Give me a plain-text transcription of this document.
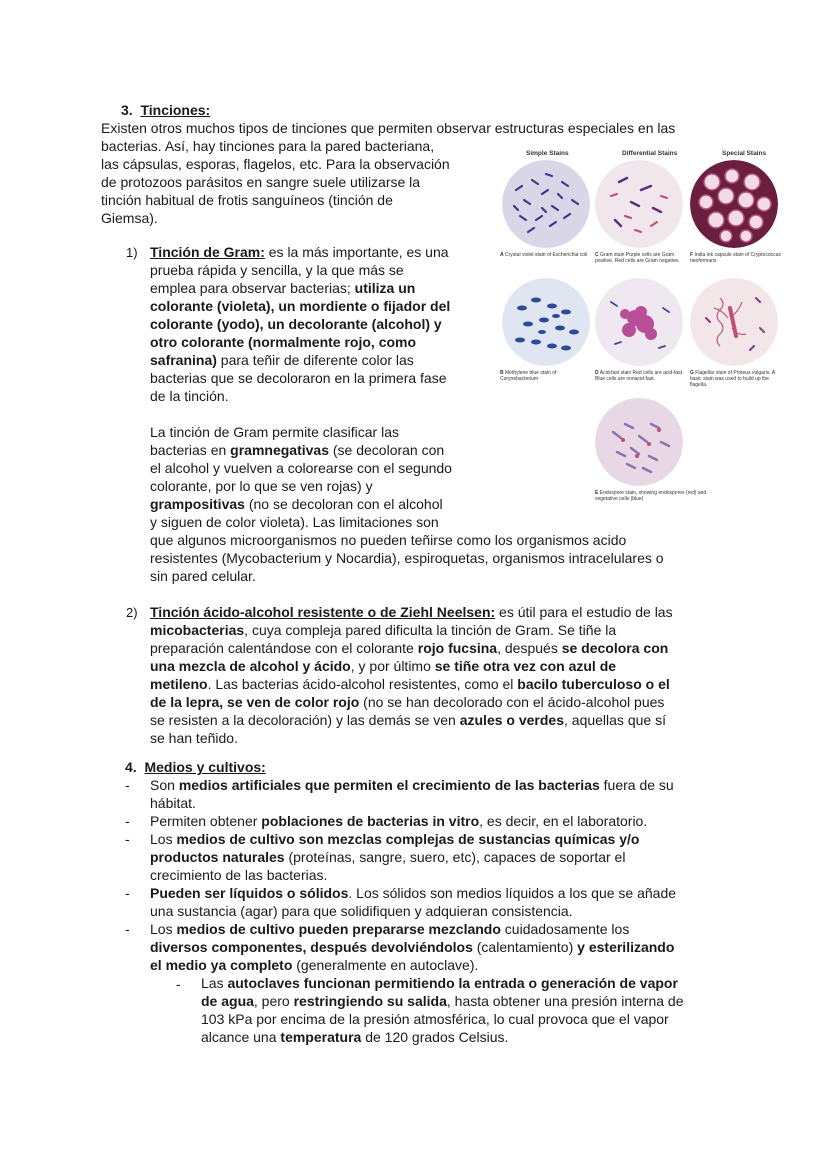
3. Tinciones:
Existen otros muchos tipos de tinciones que permiten observar estructuras especiales en las
bacterias. Así, hay tinciones para la pared bacteriana,
las cápsulas, esporas, flagelos, etc. Para la observación
de protozoos parásitos en sangre suele utilizarse la
tinción habitual de frotis sanguíneos (tinción de
Giemsa).
1) Tinción de Gram: es la más importante, es una
prueba rápida y sencilla, y la que más se
emplea para observar bacterias; utiliza un
colorante (violeta), un mordiente o fijador del
colorante (yodo), un decolorante (alcohol) y
otro colorante (normalmente rojo, como
safranina) para teñir de diferente color las
bacterias que se decoloraron en la primera fase
de la tinción.
La tinción de Gram permite clasificar las
bacterias en gramnegativas (se decoloran con
el alcohol y vuelven a colorearse con el segundo
colorante, por lo que se ven rojas) y
grampositivas (no se decoloran con el alcohol
y siguen de color violeta). Las limitaciones son
que algunos microorganismos no pueden teñirse como los organismos acido
resistentes (Mycobacterium y Nocardia), espiroquetas, organismos intracelulares o
sin pared celular.
2) Tinción ácido-alcohol resistente o de Ziehl Neelsen: es útil para el estudio de las
micobacterias, cuya compleja pared dificulta la tinción de Gram. Se tiñe la
preparación calentándose con el colorante rojo fucsina, después se decolora con
una mezcla de alcohol y ácido, y por último se tiñe otra vez con azul de
metileno. Las bacterias ácido-alcohol resistentes, como el bacilo tuberculoso o el
de la lepra, se ven de color rojo (no se han decolorado con el ácido-alcohol pues
se resisten a la decoloración) y las demás se ven azules o verdes, aquellas que sí
se han teñido.
4. Medios y cultivos:
- Son medios artificiales que permiten el crecimiento de las bacterias fuera de su
hábitat.
- Permiten obtener poblaciones de bacterias in vitro, es decir, en el laboratorio.
- Los medios de cultivo son mezclas complejas de sustancias químicas y/o
productos naturales (proteínas, sangre, suero, etc), capaces de soportar el
crecimiento de las bacterias.
- Pueden ser líquidos o sólidos. Los sólidos son medios líquidos a los que se añade
una sustancia (agar) para que solidifiquen y adquieran consistencia.
- Los medios de cultivo pueden prepararse mezclando cuidadosamente los
diversos componentes, después devolviéndolos (calentamiento) y esterilizando
el medio ya completo (generalmente en autoclave).
- Las autoclaves funcionan permitiendo la entrada o generación de vapor
de agua, pero restringiendo su salida, hasta obtener una presión interna de
103 kPa por encima de la presión atmosférica, lo cual provoca que el vapor
alcance una temperatura de 120 grados Celsius.
Simple Stains	Differential Stains	Special Stains
A Crystal violet stain of Escherichia coli	C Gram stain Purple cells are Gram positive. Red cells are Gram negative.
F India ink capsule stain of Cryptococcus neoformans
B Methylene blue stain of Corynebacterium
D Acid-fast stain Red cells are acid-fast. Blue cells are nonacid-fast.
G Flagellar stain of Proteus vulgaris. A basic stain was used to build up the flagella.
E Endospore stain, showing endospores (red) and vegetative cells (blue)
